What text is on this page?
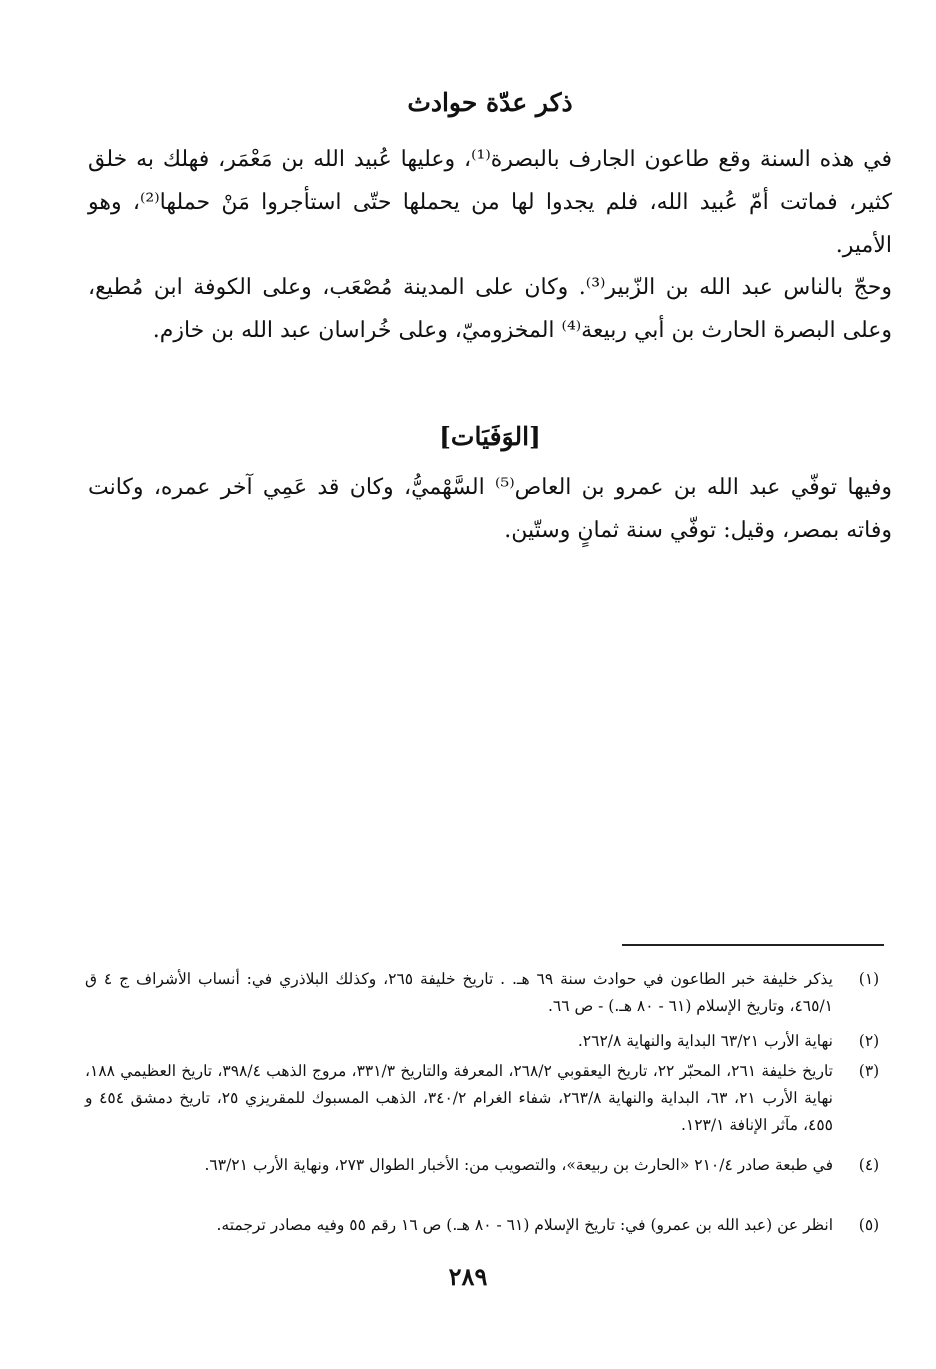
ذكر عدّة حوادث
في هذه السنة وقع طاعون الجارف بالبصرة⁽¹⁾، وعليها عُبيد الله بن مَعْمَر، فهلك به خلق كثير، فماتت أمّ عُبيد الله، فلم يجدوا لها من يحملها حتّى استأجروا مَنْ حملها⁽²⁾، وهو الأمير.
وحجّ بالناس عبد الله بن الزّبير⁽³⁾. وكان على المدينة مُصْعَب، وعلى الكوفة ابن مُطيع، وعلى البصرة الحارث بن أبي ربيعة⁽⁴⁾ المخزوميّ، وعلى خُراسان عبد الله بن خازم.
[الوَفَيَات]
وفيها توفّي عبد الله بن عمرو بن العاص⁽⁵⁾ السَّهْميُّ، وكان قد عَمِي آخر عمره، وكانت وفاته بمصر، وقيل: توفّي سنة ثمانٍ وستّين.
(١)
يذكر خليفة خبر الطاعون في حوادث سنة ٦٩ هـ. . تاريخ خليفة ٢٦٥، وكذلك البلاذري في: أنساب الأشراف ج ٤ ق ٤٦٥/١، وتاريخ الإسلام (٦١ - ٨٠ هـ.) - ص ٦٦.
(٢)
نهاية الأرب ٦٣/٢١ البداية والنهاية ٢٦٢/٨.
(٣)
تاريخ خليفة ٢٦١، المحبّر ٢٢، تاريخ اليعقوبي ٢٦٨/٢، المعرفة والتاريخ ٣٣١/٣، مروج الذهب ٣٩٨/٤، تاريخ العظيمي ١٨٨، نهاية الأرب ٢١، ٦٣، البداية والنهاية ٢٦٣/٨، شفاء الغرام ٣٤٠/٢، الذهب المسبوك للمقريزي ٢٥، تاريخ دمشق ٤٥٤ و ٤٥٥، مآثر الإنافة ١٢٣/١.
(٤)
في طبعة صادر ٢١٠/٤ «الحارث بن ربيعة»، والتصويب من: الأخبار الطوال ٢٧٣، ونهاية الأرب ٦٣/٢١.
(٥)
انظر عن (عبد الله بن عمرو) في: تاريخ الإسلام (٦١ - ٨٠ هـ.) ص ١٦ رقم ٥٥ وفيه مصادر ترجمته.
٢٨٩
